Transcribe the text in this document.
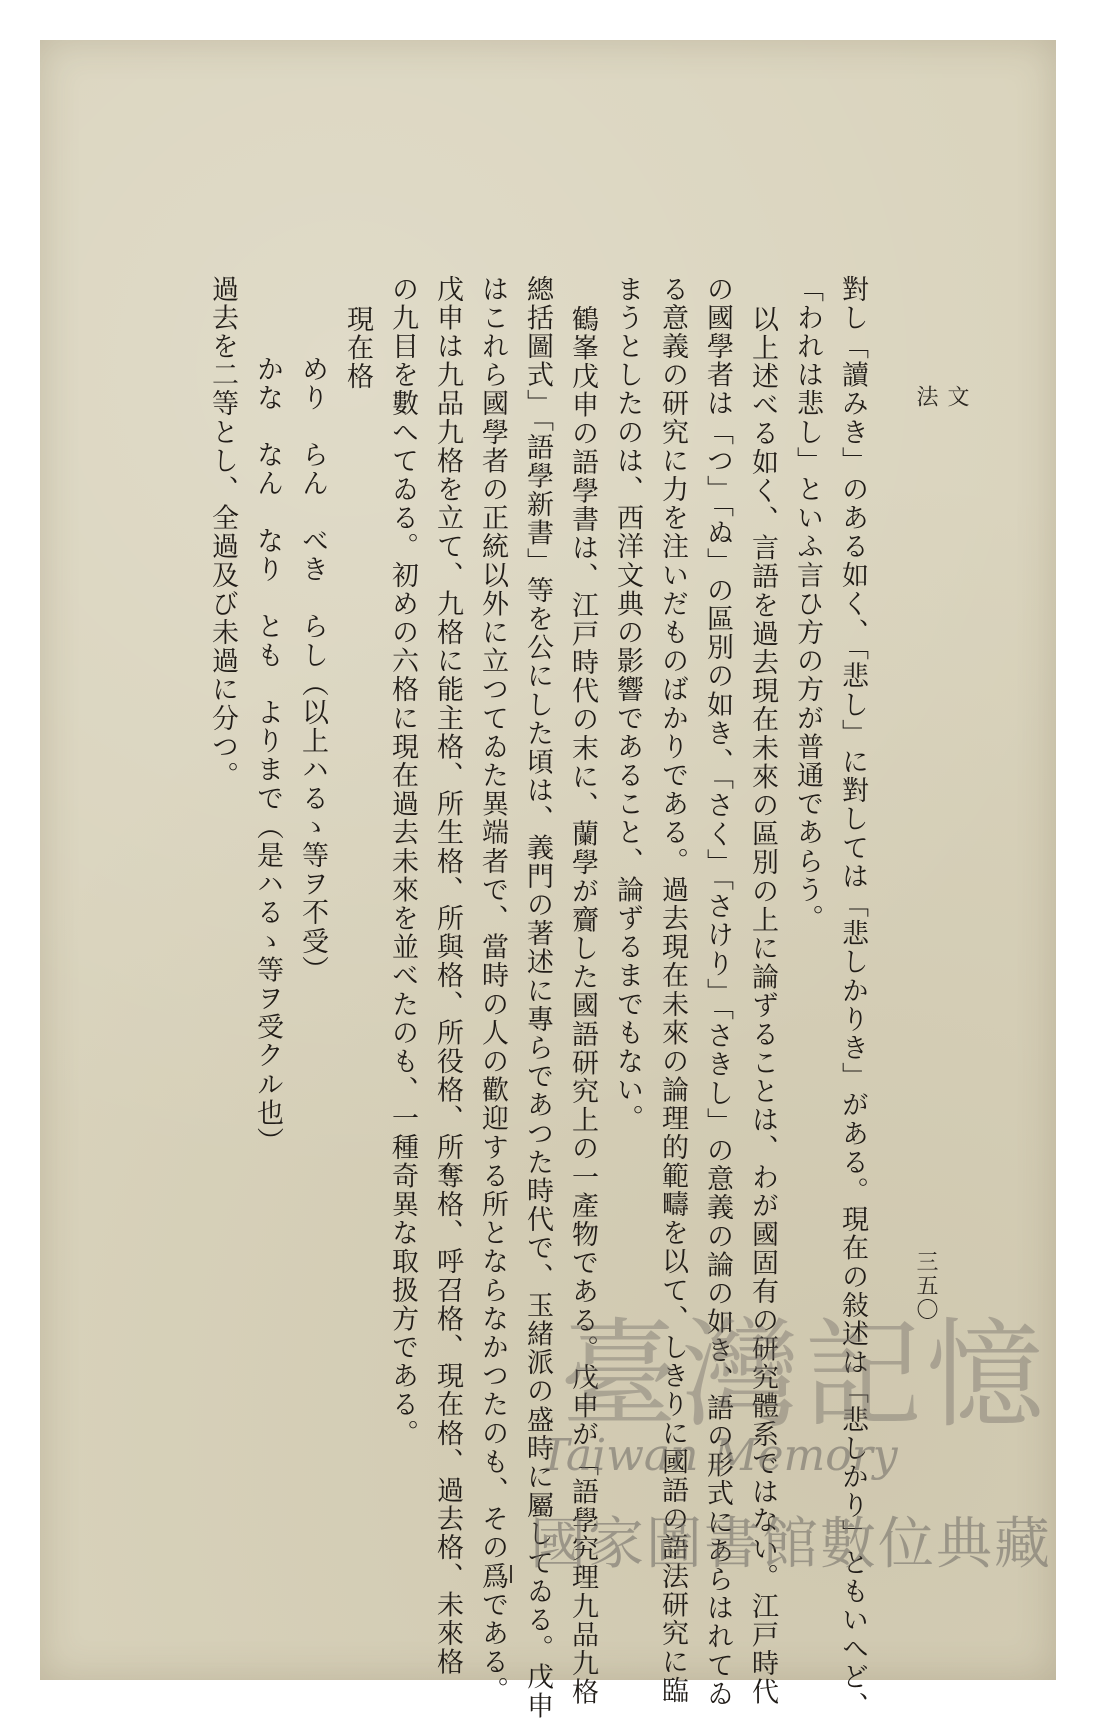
文
法
三五〇
對し「讀みき」のある如く、「悲し」に對しては「悲しかりき」がある。現在の敍述は「悲しかり」ともいへど、
「われは悲し」といふ言ひ方の方が普通であらう。
以上述べる如く、言語を過去現在未來の區別の上に論ずることは、わが國固有の研究體系ではない。江戸時代
の國學者は「つ」「ぬ」の區別の如き、「さく」「さけり」「さきし」の意義の論の如き、語の形式にあらはれてゐ
る意義の研究に力を注いだものばかりである。過去現在未來の論理的範疇を以て、しきりに國語の語法研究に臨
まうとしたのは、西洋文典の影響であること、論ずるまでもない。
鶴峯戊申の語學書は、江戸時代の末に、蘭學が齎した國語研究上の一產物である。戊申が「語學究理九品九格
總括圖式」「語學新書」等を公にした頃は、義門の著述に專らであつた時代で、玉緒派の盛時に屬してゐる。戊申
はこれら國學者の正統以外に立つてゐた異端者で、當時の人の歡迎する所とならなかつたのも、その爲である。
戊申は九品九格を立て、九格に能主格、所生格、所與格、所役格、所奪格、呼召格、現在格、過去格、未來格
の九目を數へてゐる。初めの六格に現在過去未來を並べたのも、一種奇異な取扱方である。
現在格
めり　らん　べき　らし（以上ハるゝ等ヲ不受）
かな　なん　なり　とも　よりまで（是ハるゝ等ヲ受クル也）
過去を二等とし、全過及び未過に分つ。
臺灣記憶
Taiwan Memory
國家圖書館數位典藏
